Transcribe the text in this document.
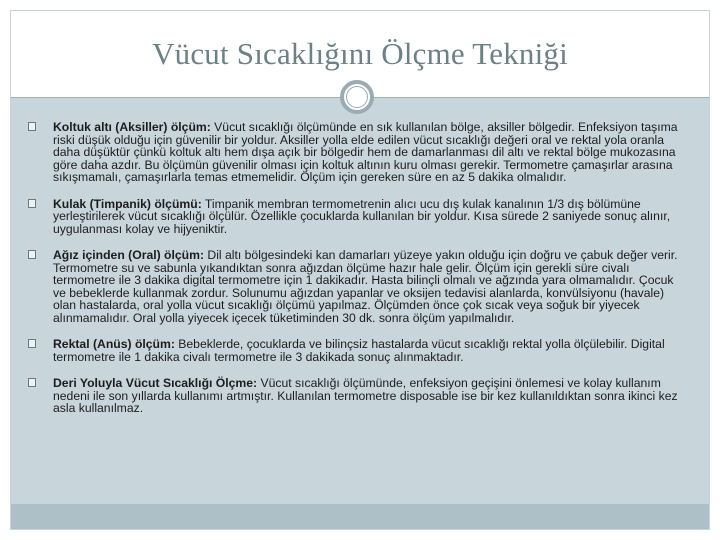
Vücut Sıcaklığını Ölçme Tekniği
Koltuk altı (Aksiller) ölçüm: Vücut sıcaklığı ölçümünde en sık kullanılan bölge, aksiller bölgedir. Enfeksiyon taşıma riski düşük olduğu için güvenilir bir yoldur. Aksiller yolla elde edilen vücut sıcaklığı değeri oral ve rektal yola oranla daha düşüktür çünkü koltuk altı hem dışa açık bir bölgedir hem de damarlanması dil altı ve rektal bölge mukozasına göre daha azdır. Bu ölçümün güvenilir olması için koltuk altının kuru olması gerekir. Termometre çamaşırlar arasına sıkışmamalı, çamaşırlarla temas etmemelidir. Ölçüm için gereken süre en az 5 dakika olmalıdır.
Kulak (Timpanik) ölçümü: Timpanik membran termometrenin alıcı ucu dış kulak kanalının 1/3 dış bölümüne yerleştirilerek vücut sıcaklığı ölçülür. Özellikle çocuklarda kullanılan bir yoldur. Kısa sürede 2 saniyede sonuç alınır, uygulanması kolay ve hijyeniktir.
Ağız içinden (Oral) ölçüm: Dil altı bölgesindeki kan damarları yüzeye yakın olduğu için doğru ve çabuk değer verir. Termometre su ve sabunla yıkandıktan sonra ağızdan ölçüme hazır hale gelir. Ölçüm için gerekli süre civalı termometre ile 3 dakika digital termometre için 1 dakikadır. Hasta bilinçli olmalı ve ağzında yara olmamalıdır. Çocuk ve bebeklerde kullanmak zordur. Solunumu ağızdan yapanlar ve oksijen tedavisi alanlarda, konvülsiyonu (havale) olan hastalarda, oral yolla vücut sıcaklığı ölçümü yapılmaz. Ölçümden önce çok sıcak veya soğuk bir yiyecek alınmamalıdır. Oral yolla yiyecek içecek tüketiminden 30 dk. sonra ölçüm yapılmalıdır.
Rektal (Anüs) ölçüm: Bebeklerde, çocuklarda ve bilinçsiz hastalarda vücut sıcaklığı rektal yolla ölçülebilir. Digital termometre ile 1 dakika civalı termometre ile 3 dakikada sonuç alınmaktadır.
Deri Yoluyla Vücut Sıcaklığı Ölçme: Vücut sıcaklığı ölçümünde, enfeksiyon geçişini önlemesi ve kolay kullanım nedeni ile son yıllarda kullanımı artmıştır. Kullanılan termometre disposable ise bir kez kullanıldıktan sonra ikinci kez asla kullanılmaz.
